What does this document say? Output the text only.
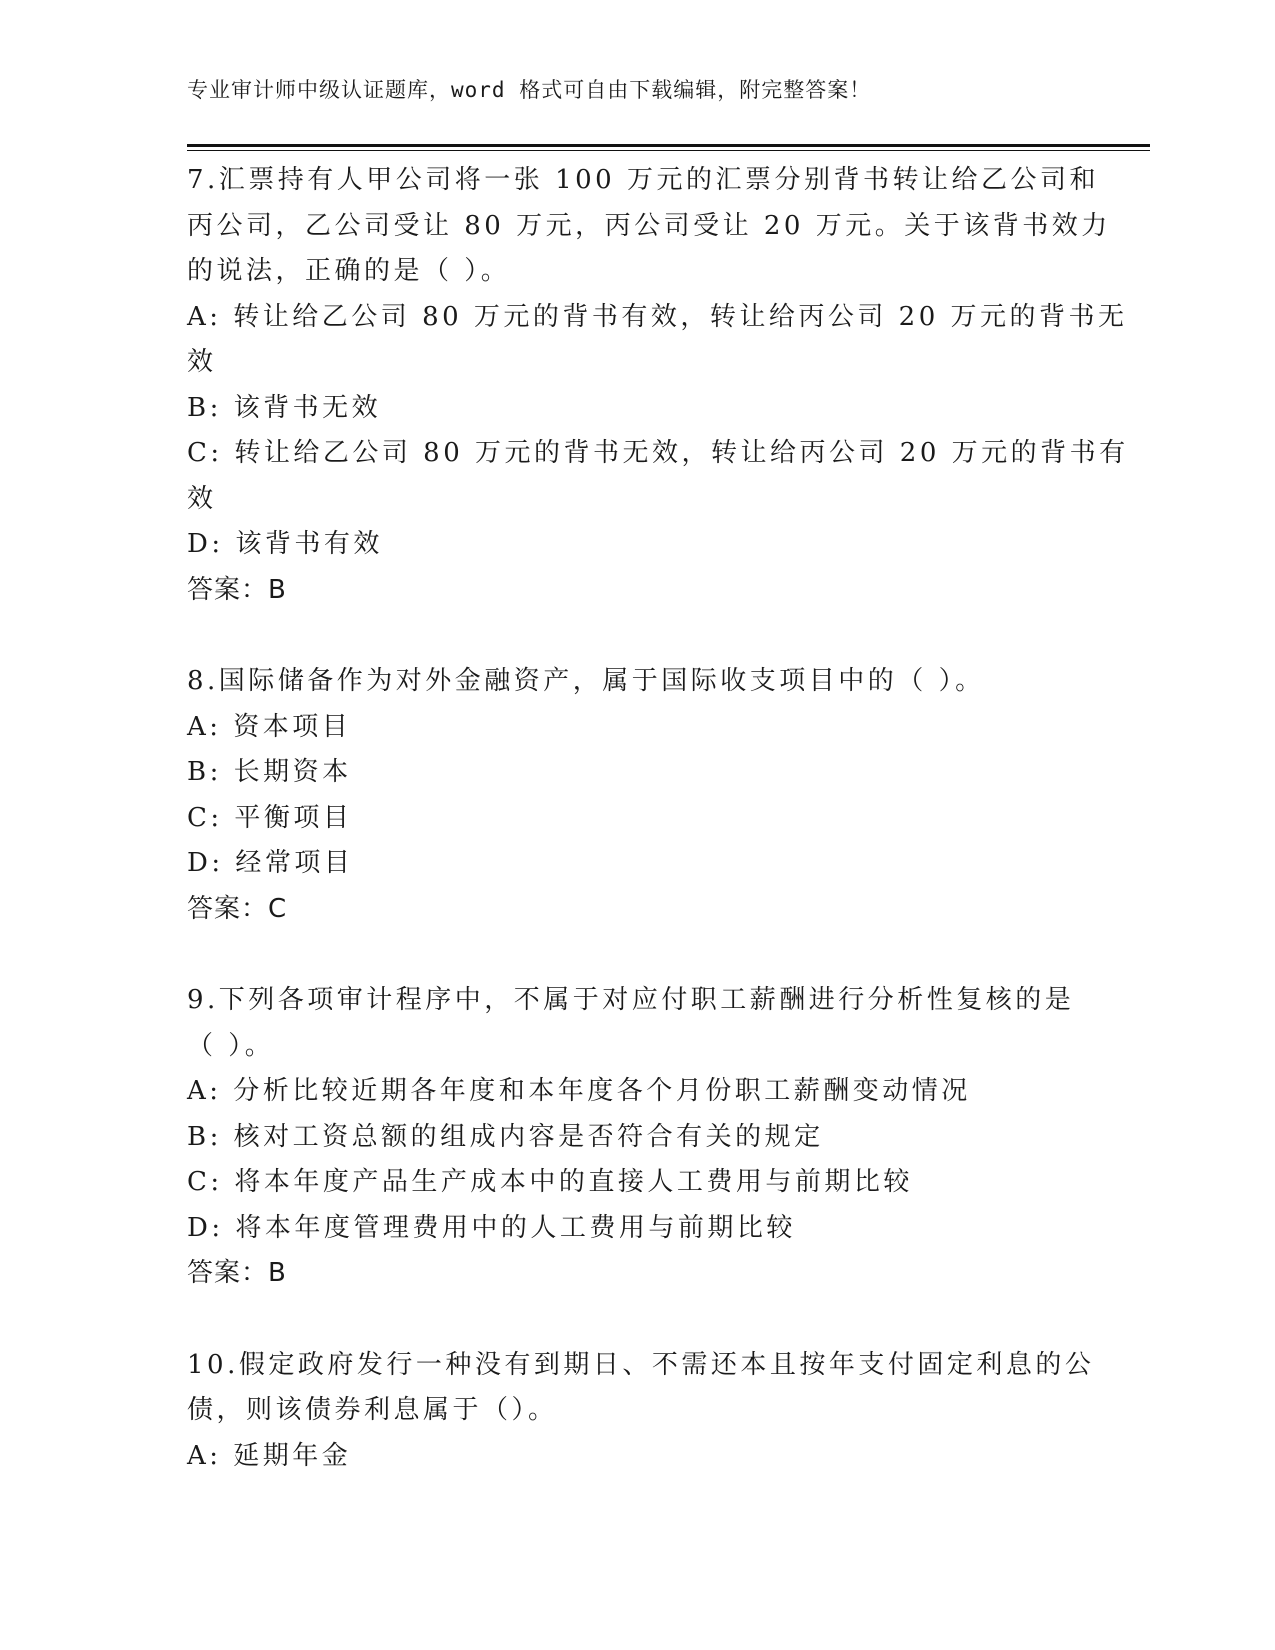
专业审计师中级认证题库，word 格式可自由下载编辑，附完整答案！
7.汇票持有人甲公司将一张 100 万元的汇票分别背书转让给乙公司和
丙公司，乙公司受让 80 万元，丙公司受让 20 万元。关于该背书效力
的说法，正确的是（ ）。
A: 转让给乙公司 80 万元的背书有效，转让给丙公司 20 万元的背书无
效
B: 该背书无效
C: 转让给乙公司 80 万元的背书无效，转让给丙公司 20 万元的背书有
效
D: 该背书有效
答案：B
8.国际储备作为对外金融资产，属于国际收支项目中的（ ）。
A: 资本项目
B: 长期资本
C: 平衡项目
D: 经常项目
答案：C
9.下列各项审计程序中，不属于对应付职工薪酬进行分析性复核的是
（ ）。
A: 分析比较近期各年度和本年度各个月份职工薪酬变动情况
B: 核对工资总额的组成内容是否符合有关的规定
C: 将本年度产品生产成本中的直接人工费用与前期比较
D: 将本年度管理费用中的人工费用与前期比较
答案：B
10.假定政府发行一种没有到期日、不需还本且按年支付固定利息的公
债，则该债券利息属于（）。
A: 延期年金
